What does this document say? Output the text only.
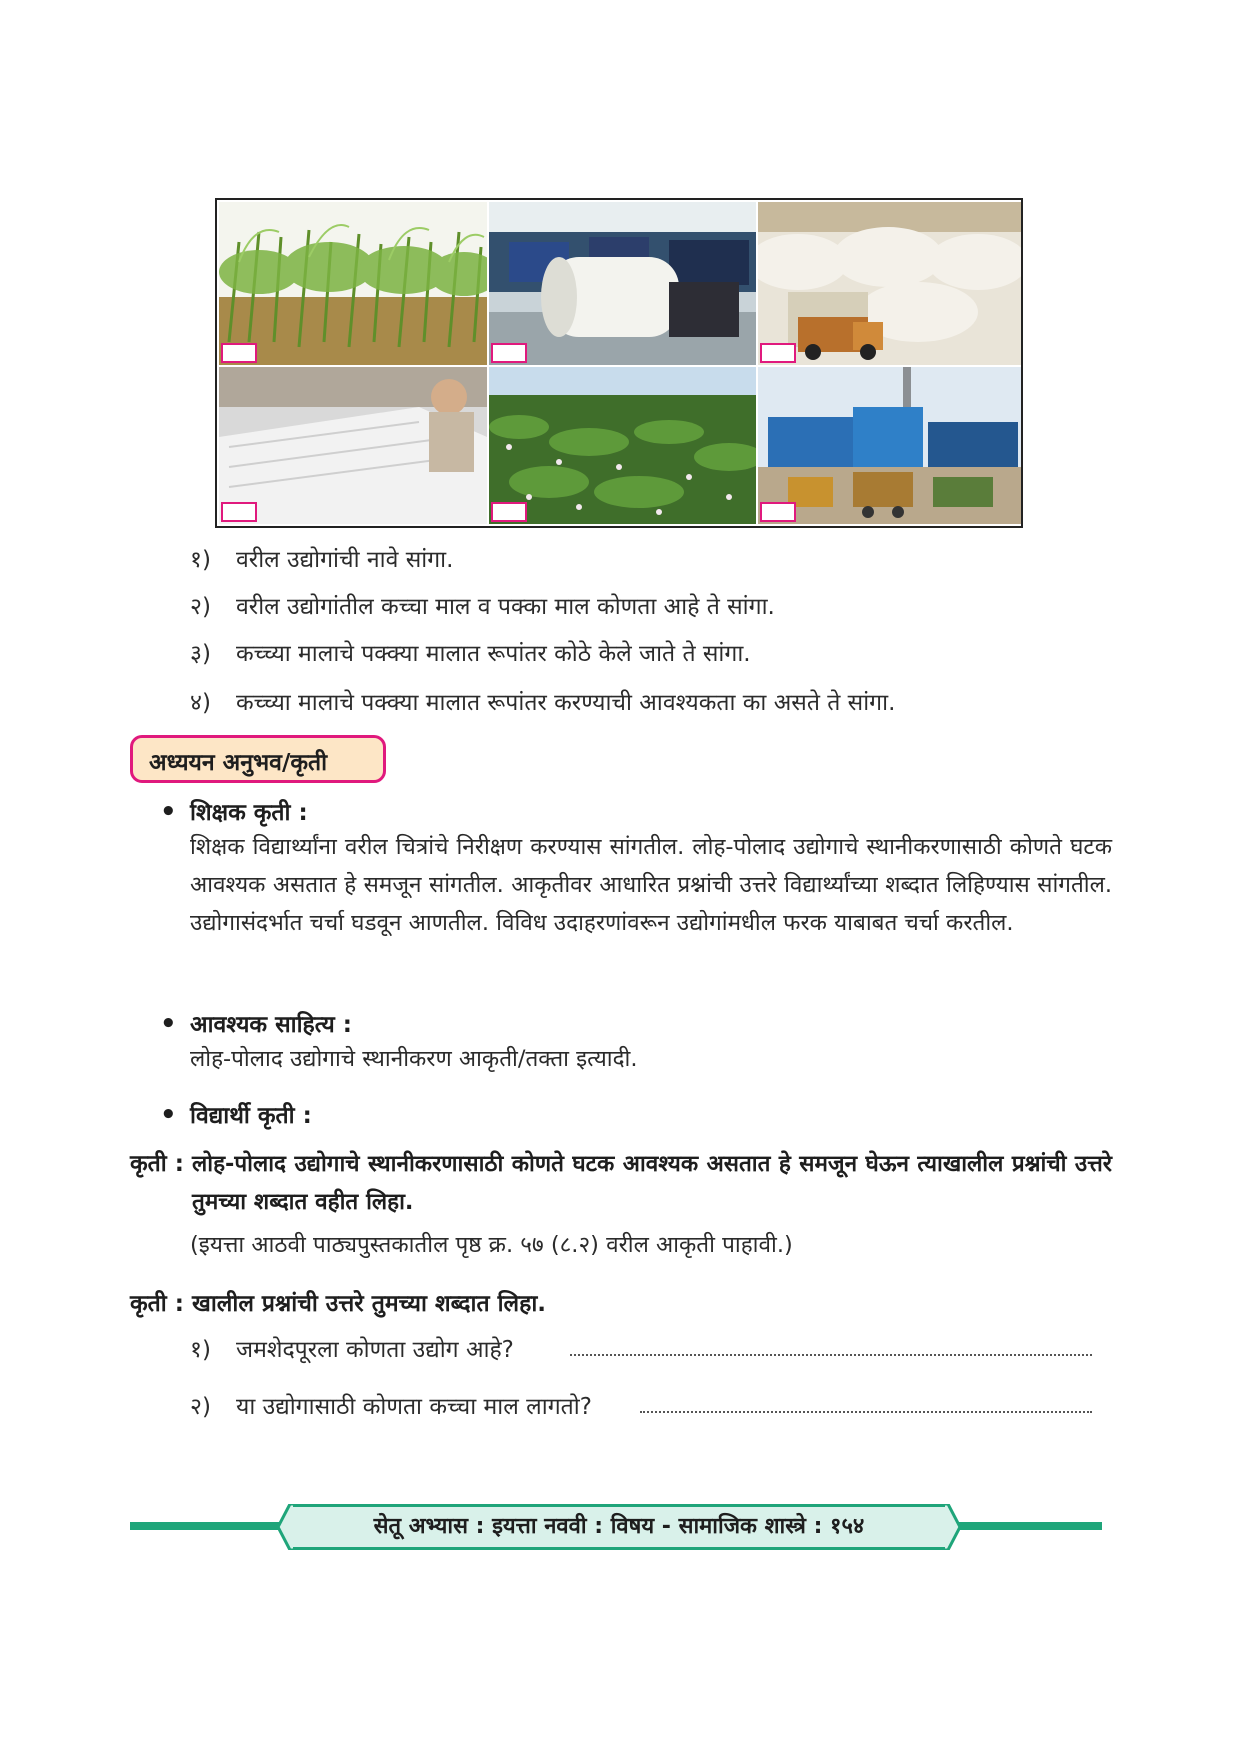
१) वरील उद्योगांची नावे सांगा.
२) वरील उद्योगांतील कच्चा माल व पक्का माल कोणता आहे ते सांगा.
३) कच्च्या मालाचे पक्क्या मालात रूपांतर कोठे केले जाते ते सांगा.
४) कच्च्या मालाचे पक्क्या मालात रूपांतर करण्याची आवश्यकता का असते ते सांगा.
अध्ययन अनुभव/कृती
• शिक्षक कृती :
शिक्षक विद्यार्थ्यांना वरील चित्रांचे निरीक्षण करण्यास सांगतील. लोह-पोलाद उद्योगाचे स्थानीकरणासाठी कोणते घटक आवश्यक असतात हे समजून सांगतील. आकृतीवर आधारित प्रश्नांची उत्तरे विद्यार्थ्यांच्या शब्दात लिहिण्यास सांगतील. उद्योगासंदर्भात चर्चा घडवून आणतील. विविध उदाहरणांवरून उद्योगांमधील फरक याबाबत चर्चा करतील.
• आवश्यक साहित्य :
लोह-पोलाद उद्योगाचे स्थानीकरण आकृती/तक्ता इत्यादी.
• विद्यार्थी कृती :
कृती : लोह-पोलाद उद्योगाचे स्थानीकरणासाठी कोणते घटक आवश्यक असतात हे समजून घेऊन त्याखालील प्रश्नांची उत्तरे तुमच्या शब्दात वहीत लिहा.
(इयत्ता आठवी पाठ्यपुस्तकातील पृष्ठ क्र. ५७ (८.२) वरील आकृती पाहावी.)
कृती : खालील प्रश्नांची उत्तरे तुमच्या शब्दात लिहा.
१) जमशेदपूरला कोणता उद्योग आहे?
२) या उद्योगासाठी कोणता कच्चा माल लागतो?
सेतू अभ्यास : इयत्ता नववी : विषय - सामाजिक शास्त्रे : १५४
